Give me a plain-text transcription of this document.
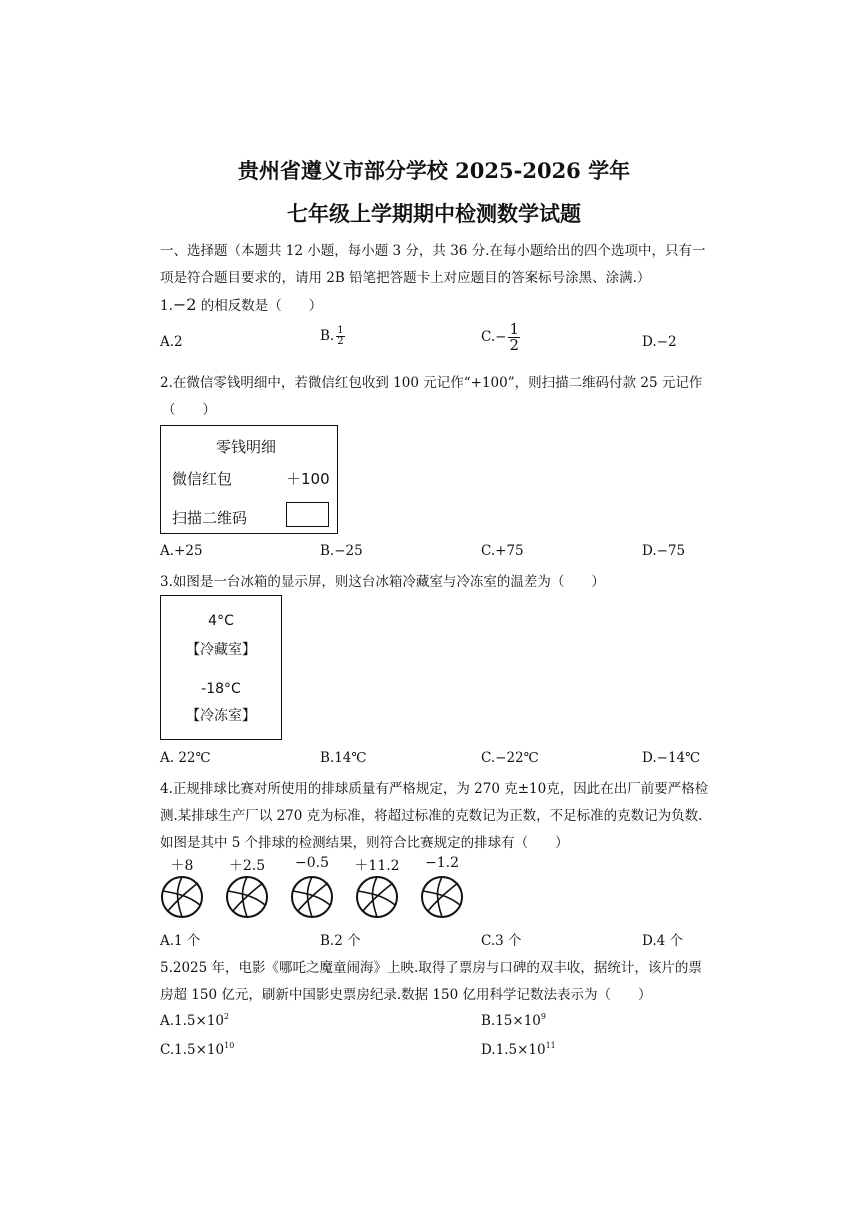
贵州省遵义市部分学校 2025-2026 学年
七年级上学期期中检测数学试题
一、选择题（本题共 12 小题，每小题 3 分，共 36 分.在每小题给出的四个选项中，只有一
项是符合题目要求的，请用 2B 铅笔把答题卡上对应题目的答案标号涂黑、涂满.）
1.−2 的相反数是（　　）
A.2	B. $\frac{1}{2}$	$C.- \frac{1}{2}$	D.−2
2.在微信零钱明细中，若微信红包收到 100 元记作“+100”，则扫描二维码付款 25 元记作
（　　）
零钱明细
微信红包	＋100
扫描二维码
A.+25	B.−25	C.+75	D.−75
3.如图是一台冰箱的显示屏，则这台冰箱冷藏室与冷冻室的温差为（　　）
4°C
【冷藏室】
-18°C
【冷冻室】
A. 22℃	B.14℃	C.−22℃	D.−14℃
4.正规排球比赛对所使用的排球质量有严格规定，为 270 克±10克，因此在出厂前要严格检
测.某排球生产厂以 270 克为标准，将超过标准的克数记为正数，不足标准的克数记为负数.
如图是其中 5 个排球的检测结果，则符合比赛规定的排球有（　　）
＋8	＋2.5	−0.5	＋11.2	−1.2
A.1 个	B.2 个	C.3 个	D.4 个
5.2025 年，电影《哪吒之魔童闹海》上映.取得了票房与口碑的双丰收，据统计，该片的票
房超 150 亿元，刷新中国影史票房纪录.数据 150 亿用科学记数法表示为（　　）
$A.1.5\times 10^2$	$B.15\times 10^9$
$C.1.5\times 10^{10}$	$D.1.5\times 10^{11}$
